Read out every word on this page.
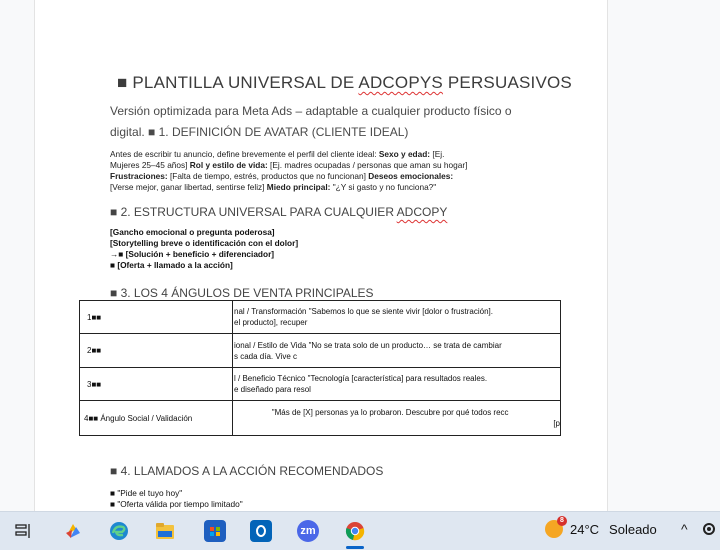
■ PLANTILLA UNIVERSAL DE ADCOPYS PERSUASIVOS
Versión optimizada para Meta Ads – adaptable a cualquier producto físico o
digital. ■ 1. DEFINICIÓN DE AVATAR (CLIENTE IDEAL)
Antes de escribir tu anuncio, define brevemente el perfil del cliente ideal: Sexo y edad: [Ej.
Mujeres 25–45 años] Rol y estilo de vida: [Ej. madres ocupadas / personas que aman su hogar]
Frustraciones: [Falta de tiempo, estrés, productos que no funcionan] Deseos emocionales:
[Verse mejor, ganar libertad, sentirse feliz] Miedo principal: "¿Y si gasto y no funciona?"
■ 2. ESTRUCTURA UNIVERSAL PARA CUALQUIER ADCOPY
[Gancho emocional o pregunta poderosa]
[Storytelling breve o identificación con el dolor]
→■ [Solución + beneficio + diferenciador]
■ [Oferta + llamado a la acción]
■ 3. LOS 4 ÁNGULOS DE VENTA PRINCIPALES
■ 4. LLAMADOS A LA ACCIÓN RECOMENDADOS
■ "Pide el tuyo hoy"
■ "Oferta válida por tiempo limitado"
1■■	nal / Transformación "Sabemos lo que se siente vivir [dolor o frustración].
el producto], recuper

2■■	ional / Estilo de Vida "No se trata solo de un producto… se trata de cambiar
s cada día. Vive c

3■■	l / Beneficio Técnico "Tecnología [característica] para resultados reales.
e diseñado para resol

4■■ Ángulo Social / Validación	"Más de [X] personas ya lo probaron. Descubre por qué todos recc
[p
zm
8
24°C Soleado ^
